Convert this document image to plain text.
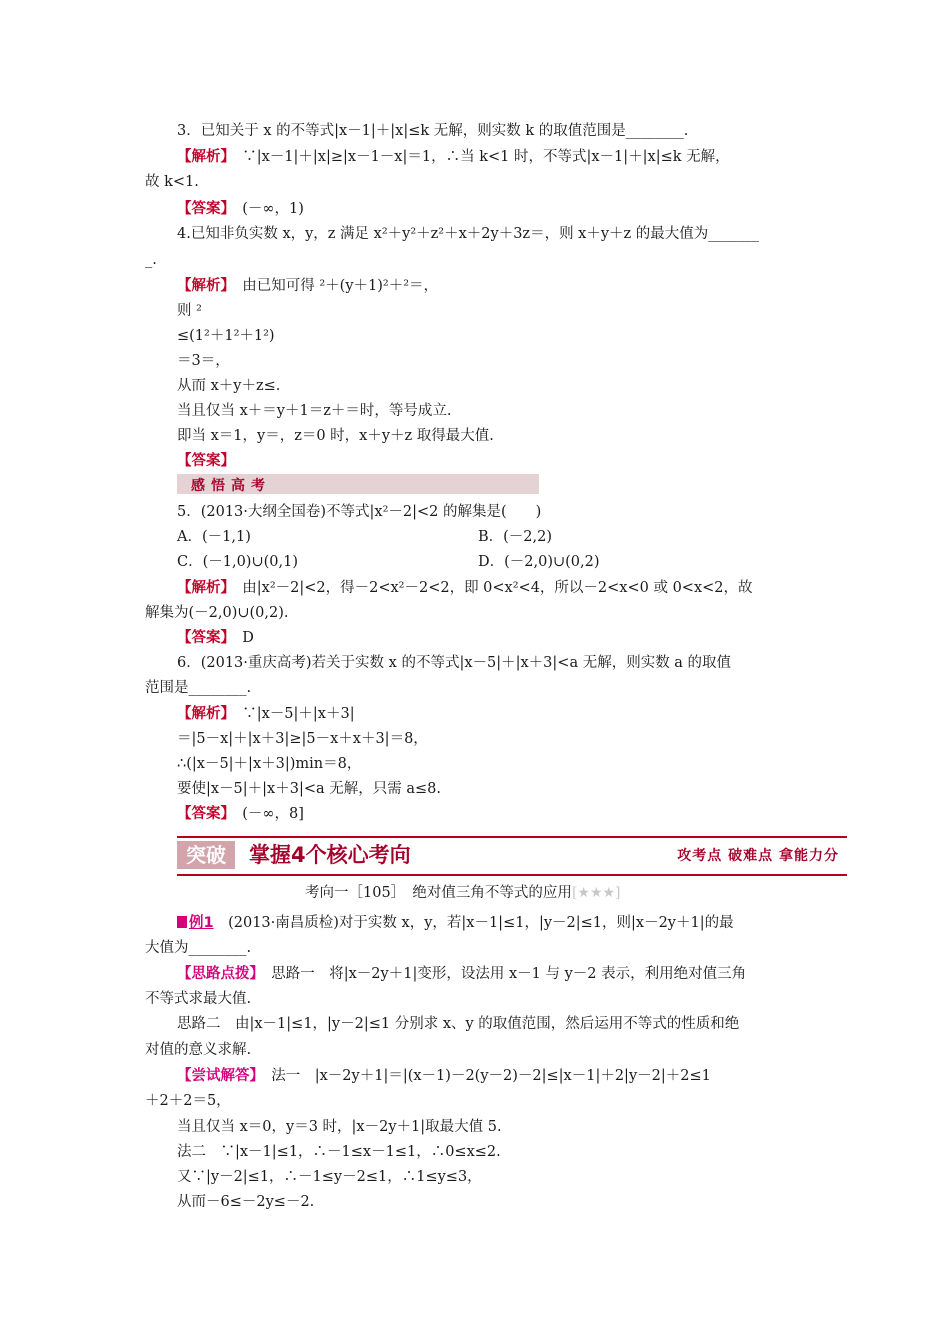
3．已知关于 x 的不等式|x－1|＋|x|≤k 无解，则实数 k 的取值范围是________.
【解析】　∵|x－1|＋|x|≥|x－1－x|＝1，∴当 k<1 时，不等式|x－1|＋|x|≤k 无解，
故 k<1.
【答案】　(－∞，1)
4.已知非负实数 x，y，z 满足 x²＋y²＋z²＋x＋2y＋3z＝，则 x＋y＋z 的最大值为_______
_.
【解析】　由已知可得 ²＋(y＋1)²＋²＝，
则 ²
≤(1²＋1²＋1²)
＝3＝，
从而 x＋y＋z≤.
当且仅当 x＋＝y＋1＝z＋＝时，等号成立.
即当 x＝1，y＝，z＝0 时，x＋y＋z 取得最大值.
【答案】
5．(2013·大纲全国卷)不等式|x²－2|<2 的解集是(　　)
A．(－1,1)	B．(－2,2)
C．(－1,0)∪(0,1)	D．(－2,0)∪(0,2)
【解析】　由|x²－2|<2，得－2<x²－2<2，即 0<x²<4，所以－2<x<0 或 0<x<2，故
解集为(－2,0)∪(0,2).
【答案】　D
6．(2013·重庆高考)若关于实数 x 的不等式|x－5|＋|x＋3|<a 无解，则实数 a 的取值
范围是________.
【解析】　∵|x－5|＋|x＋3|
＝|5－x|＋|x＋3|≥|5－x＋x＋3|＝8，
∴(|x－5|＋|x＋3|)min＝8，
要使|x－5|＋|x＋3|<a 无解，只需 a≤8.
【答案】　(－∞，8]
大值为________.
【思路点拨】　思路一　将|x－2y＋1|变形，设法用 x－1 与 y－2 表示，利用绝对值三角
不等式求最大值.
思路二　由|x－1|≤1，|y－2|≤1 分别求 x、y 的取值范围，然后运用不等式的性质和绝
对值的意义求解.
【尝试解答】　法一　|x－2y＋1|＝|(x－1)－2(y－2)－2|≤|x－1|＋2|y－2|＋2≤1
＋2＋2＝5，
当且仅当 x＝0，y＝3 时，|x－2y＋1|取最大值 5.
法二　∵|x－1|≤1，∴－1≤x－1≤1，∴0≤x≤2.
又∵|y－2|≤1，∴－1≤y－2≤1，∴1≤y≤3，
从而－6≤－2y≤－2.
感悟高考
突破	掌握4个核心考向	攻考点 破难点 拿能力分
考向一［105］　绝对值三角不等式的应用[★★★]
例1　(2013·南昌质检)对于实数 x，y，若|x－1|≤1，|y－2|≤1，则|x－2y＋1|的最
